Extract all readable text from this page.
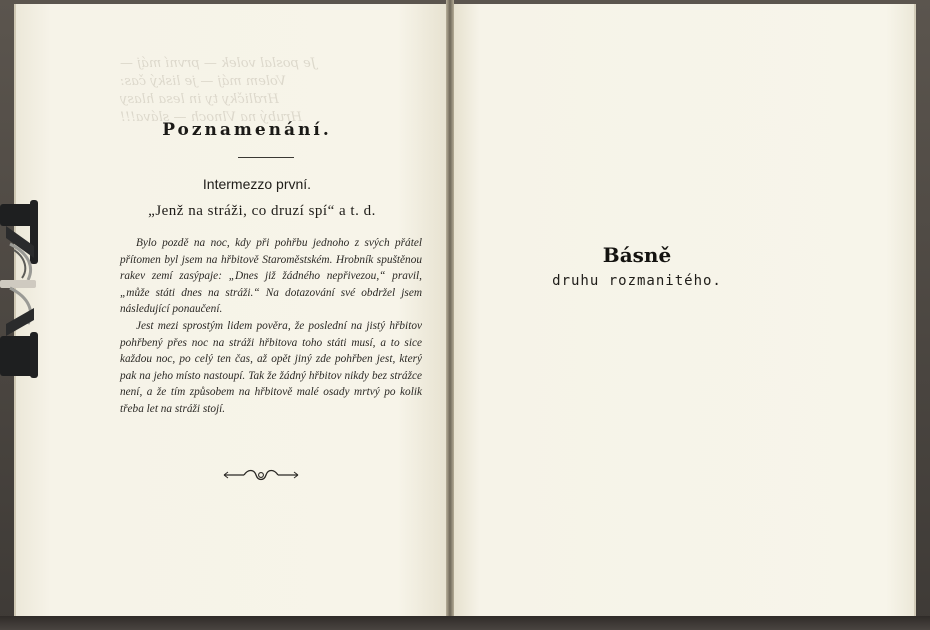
Je poslal volek — první máj —
Volem máj — je liský čas:
Hrdličky ty in lesa hlasy
Hrubý na Vlnoch — sláva!!!
Poznamenání.
Intermezzo první.
„Jenž na stráži, co druzí spí“ a t. d.

Bylo pozdě na noc, kdy při pohřbu jednoho z svých přátel přítomen byl jsem na hřbitově Staroměstském. Hrobník spuštěnou rakev zemí zasýpaje: „Dnes již žádného nepřivezou,“ pravil, „může státi dnes na stráži.“ Na dotazování své obdržel jsem následující ponaučení.

Jest mezi sprostým lidem pověra, že poslední na jistý hřbitov pohřbený přes noc na stráži hřbitova toho státi musí, a to sice každou noc, po celý ten čas, až opět jiný zde pohřben jest, který pak na jeho místo nastoupí. Tak že žádný hřbitov nikdy bez strážce není, a že tím způsobem na hřbitově malé osady mrtvý po kolik třeba let na stráži stojí.

Básně
druhu rozmanitého.
